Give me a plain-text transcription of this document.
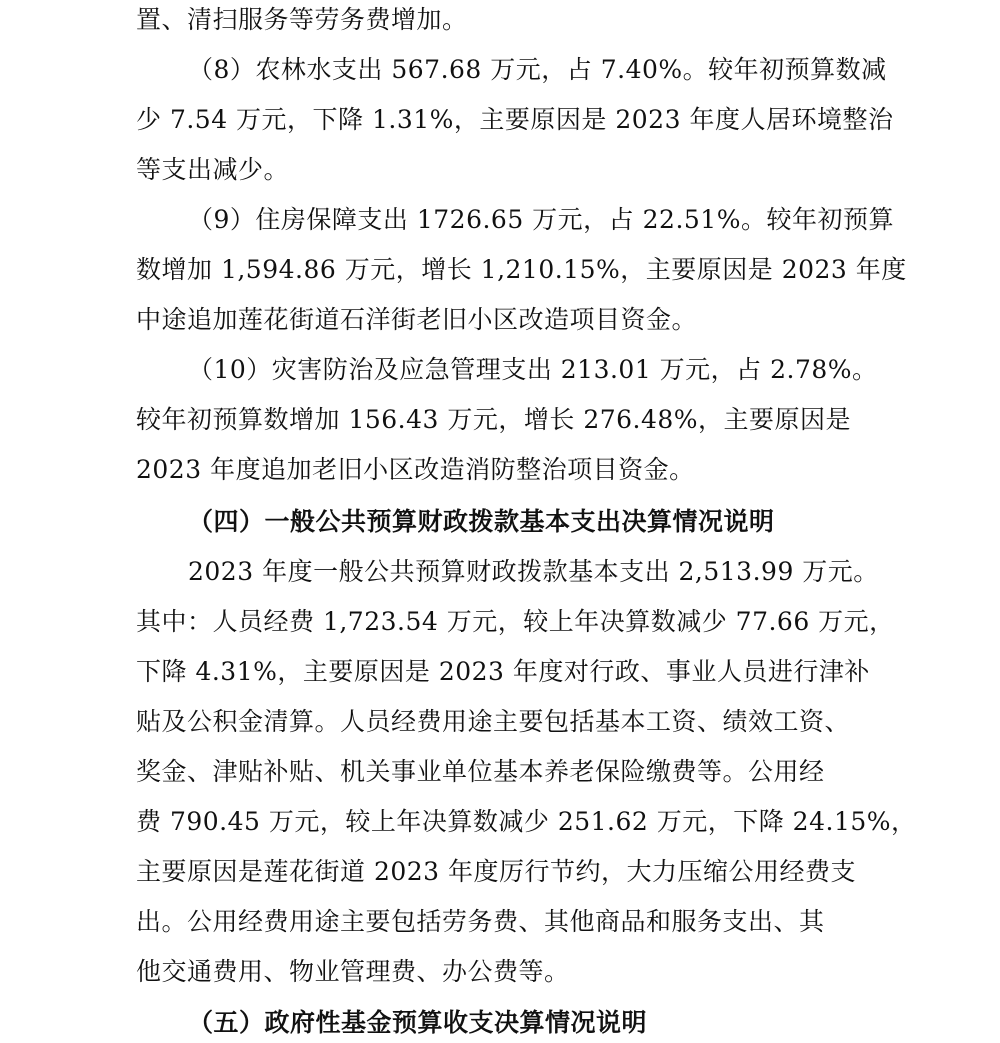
置、清扫服务等劳务费增加。
（8）农林水支出 567.68 万元，占 7.40%。较年初预算数减
少 7.54 万元，下降 1.31%，主要原因是 2023 年度人居环境整治
等支出减少。
（9）住房保障支出 1726.65 万元，占 22.51%。较年初预算
数增加 1,594.86 万元，增长 1,210.15%，主要原因是 2023 年度
中途追加莲花街道石洋街老旧小区改造项目资金。
（10）灾害防治及应急管理支出 213.01 万元，占 2.78%。
较年初预算数增加 156.43 万元，增长 276.48%，主要原因是
2023 年度追加老旧小区改造消防整治项目资金。
（四）一般公共预算财政拨款基本支出决算情况说明
2023 年度一般公共预算财政拨款基本支出 2,513.99 万元。
其中：人员经费 1,723.54 万元，较上年决算数减少 77.66 万元，
下降 4.31%，主要原因是 2023 年度对行政、事业人员进行津补
贴及公积金清算。人员经费用途主要包括基本工资、绩效工资、
奖金、津贴补贴、机关事业单位基本养老保险缴费等。公用经
费 790.45 万元，较上年决算数减少 251.62 万元，下降 24.15%，
主要原因是莲花街道 2023 年度厉行节约，大力压缩公用经费支
出。公用经费用途主要包括劳务费、其他商品和服务支出、其
他交通费用、物业管理费、办公费等。
（五）政府性基金预算收支决算情况说明
